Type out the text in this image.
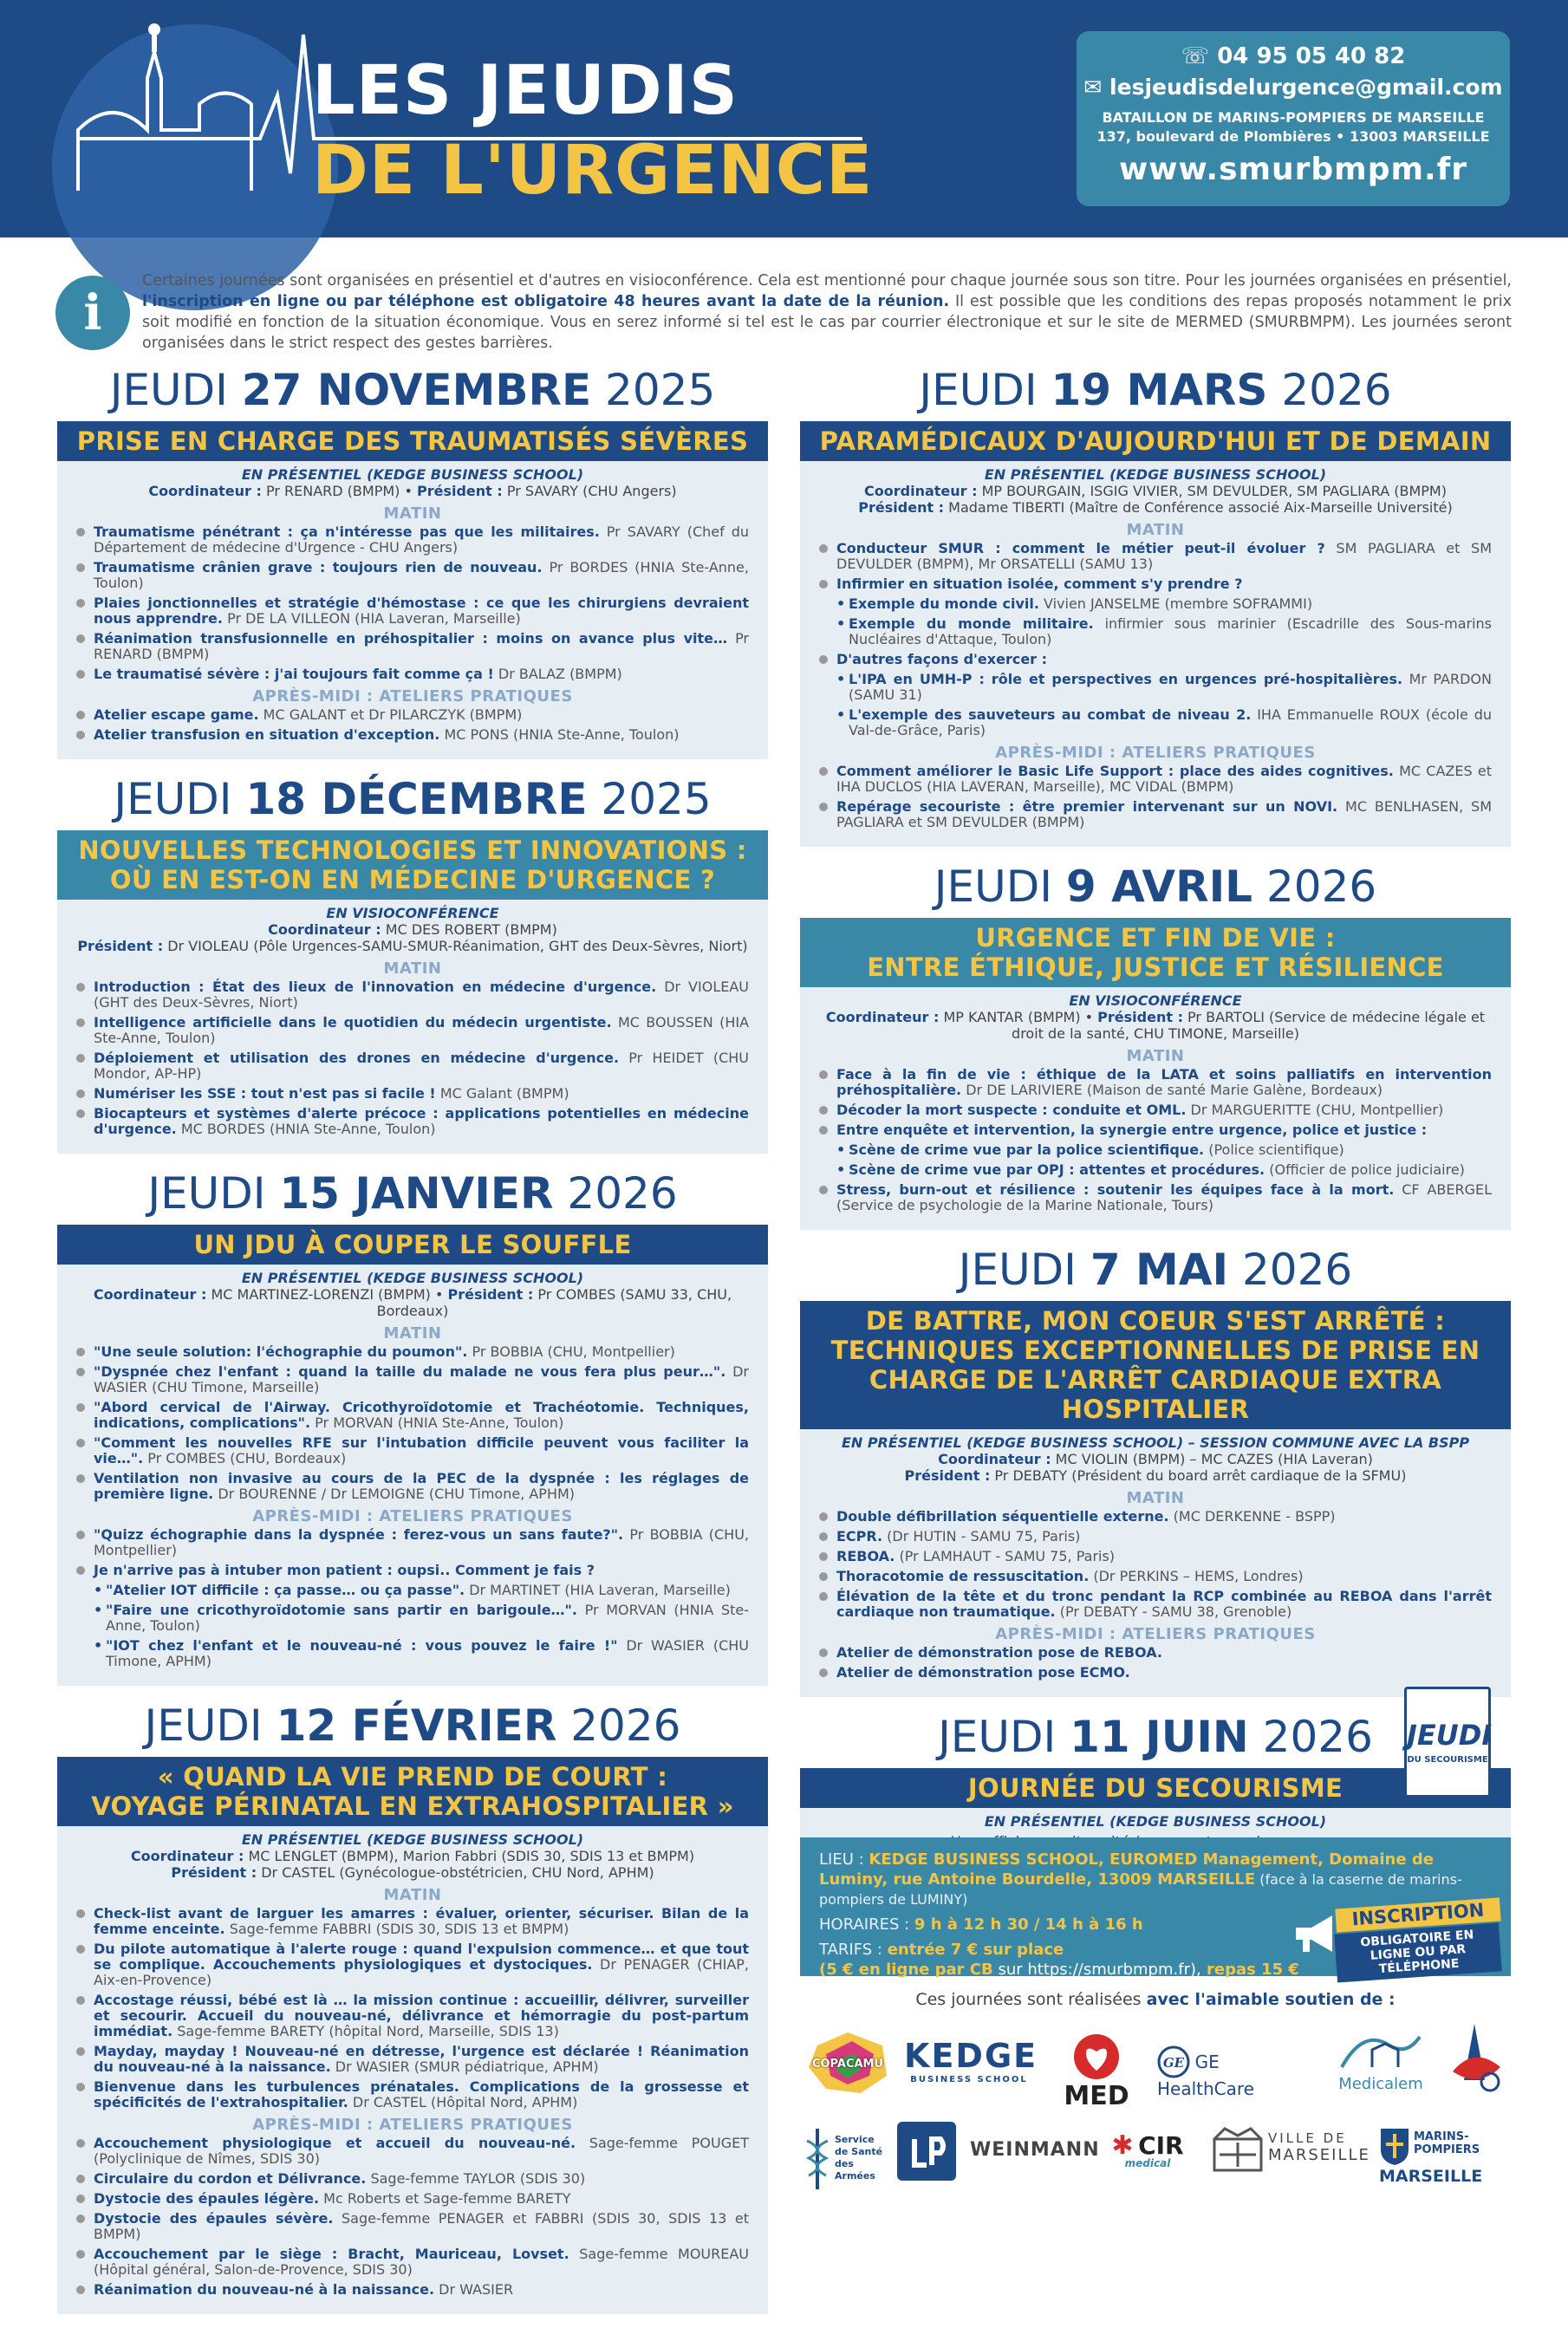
LES JEUDIS
DE L'URGENCE
☏ 04 95 05 40 82
✉ lesjeudisdelurgence@gmail.com
BATAILLON DE MARINS-POMPIERS DE MARSEILLE
137, boulevard de Plombières • 13003 MARSEILLE
www.smurbmpm.fr
i
Certaines journées sont organisées en présentiel et d'autres en visioconférence. Cela est mentionné pour chaque journée sous son titre. Pour les journées organisées en présentiel, l'inscription en ligne ou par téléphone est obligatoire 48 heures avant la date de la réunion. Il est possible que les conditions des repas proposés notamment le prix soit modifié en fonction de la situation économique. Vous en serez informé si tel est le cas par courrier électronique et sur le site de MERMED (SMURBMPM). Les journées seront organisées dans le strict respect des gestes barrières.
JEUDI 27 NOVEMBRE 2025
PRISE EN CHARGE DES TRAUMATISÉS SÉVÈRES
EN PRÉSENTIEL (KEDGE BUSINESS SCHOOL)
Coordinateur : Pr RENARD (BMPM) • Président : Pr SAVARY (CHU Angers)
MATIN
Traumatisme pénétrant : ça n'intéresse pas que les militaires. Pr SAVARY (Chef du Département de médecine d'Urgence - CHU Angers)
Traumatisme crânien grave : toujours rien de nouveau. Pr BORDES (HNIA Ste-Anne, Toulon)
Plaies jonctionnelles et stratégie d'hémostase : ce que les chirurgiens devraient nous apprendre. Pr DE LA VILLEON (HIA Laveran, Marseille)
Réanimation transfusionnelle en préhospitalier : moins on avance plus vite… Pr RENARD (BMPM)
Le traumatisé sévère : j'ai toujours fait comme ça ! Dr BALAZ (BMPM)
APRÈS-MIDI : ATELIERS PRATIQUES
Atelier escape game. MC GALANT et Dr PILARCZYK (BMPM)
Atelier transfusion en situation d'exception. MC PONS (HNIA Ste-Anne, Toulon)
JEUDI 18 DÉCEMBRE 2025
NOUVELLES TECHNOLOGIES ET INNOVATIONS :
OÙ EN EST-ON EN MÉDECINE D'URGENCE ?
EN VISIOCONFÉRENCE
Coordinateur : MC DES ROBERT (BMPM)
Président : Dr VIOLEAU (Pôle Urgences-SAMU-SMUR-Réanimation, GHT des Deux-Sèvres, Niort)
MATIN
Introduction : État des lieux de l'innovation en médecine d'urgence. Dr VIOLEAU (GHT des Deux-Sèvres, Niort)
Intelligence artificielle dans le quotidien du médecin urgentiste. MC BOUSSEN (HIA Ste-Anne, Toulon)
Déploiement et utilisation des drones en médecine d'urgence. Pr HEIDET (CHU Mondor, AP-HP)
Numériser les SSE : tout n'est pas si facile ! MC Galant (BMPM)
Biocapteurs et systèmes d'alerte précoce : applications potentielles en médecine d'urgence. MC BORDES (HNIA Ste-Anne, Toulon)
JEUDI 15 JANVIER 2026
UN JDU À COUPER LE SOUFFLE
EN PRÉSENTIEL (KEDGE BUSINESS SCHOOL)
Coordinateur : MC MARTINEZ-LORENZI (BMPM) • Président : Pr COMBES (SAMU 33, CHU, Bordeaux)
MATIN
"Une seule solution: l'échographie du poumon". Pr BOBBIA (CHU, Montpellier)
"Dyspnée chez l'enfant : quand la taille du malade ne vous fera plus peur…". Dr WASIER (CHU Timone, Marseille)
"Abord cervical de l'Airway. Cricothyroïdotomie et Trachéotomie. Techniques, indications, complications". Pr MORVAN (HNIA Ste-Anne, Toulon)
"Comment les nouvelles RFE sur l'intubation difficile peuvent vous faciliter la vie…". Pr COMBES (CHU, Bordeaux)
Ventilation non invasive au cours de la PEC de la dyspnée : les réglages de première ligne. Dr BOURENNE / Dr LEMOIGNE (CHU Timone, APHM)
APRÈS-MIDI : ATELIERS PRATIQUES
"Quizz échographie dans la dyspnée : ferez-vous un sans faute?". Pr BOBBIA (CHU, Montpellier)
Je n'arrive pas à intuber mon patient : oupsi.. Comment je fais ?
• "Atelier IOT difficile : ça passe… ou ça passe". Dr MARTINET (HIA Laveran, Marseille)
• "Faire une cricothyroïdotomie sans partir en barigoule…". Pr MORVAN (HNIA Ste-Anne, Toulon)
• "IOT chez l'enfant et le nouveau-né : vous pouvez le faire !" Dr WASIER (CHU Timone, APHM)
JEUDI 12 FÉVRIER 2026
« QUAND LA VIE PREND DE COURT :
VOYAGE PÉRINATAL EN EXTRAHOSPITALIER »
EN PRÉSENTIEL (KEDGE BUSINESS SCHOOL)
Coordinateur : MC LENGLET (BMPM), Marion Fabbri (SDIS 30, SDIS 13 et BMPM)
Président : Dr CASTEL (Gynécologue-obstétricien, CHU Nord, APHM)
MATIN
Check-list avant de larguer les amarres : évaluer, orienter, sécuriser. Bilan de la femme enceinte. Sage-femme FABBRI (SDIS 30, SDIS 13 et BMPM)
Du pilote automatique à l'alerte rouge : quand l'expulsion commence… et que tout se complique. Accouchements physiologiques et dystociques. Dr PENAGER (CHIAP, Aix-en-Provence)
Accostage réussi, bébé est là … la mission continue : accueillir, délivrer, surveiller et secourir. Accueil du nouveau-né, délivrance et hémorragie du post-partum immédiat. Sage-femme BARETY (hôpital Nord, Marseille, SDIS 13)
Mayday, mayday ! Nouveau-né en détresse, l'urgence est déclarée ! Réanimation du nouveau-né à la naissance. Dr WASIER (SMUR pédiatrique, APHM)
Bienvenue dans les turbulences prénatales. Complications de la grossesse et spécificités de l'extrahospitalier. Dr CASTEL (Hôpital Nord, APHM)
APRÈS-MIDI : ATELIERS PRATIQUES
Accouchement physiologique et accueil du nouveau-né. Sage-femme POUGET (Polyclinique de Nîmes, SDIS 30)
Circulaire du cordon et Délivrance. Sage-femme TAYLOR (SDIS 30)
Dystocie des épaules légère. Mc Roberts et Sage-femme BARETY
Dystocie des épaules sévère. Sage-femme PENAGER et FABBRI (SDIS 30, SDIS 13 et BMPM)
Accouchement par le siège : Bracht, Mauriceau, Lovset. Sage-femme MOUREAU (Hôpital général, Salon-de-Provence, SDIS 30)
Réanimation du nouveau-né à la naissance. Dr WASIER
JEUDI 19 MARS 2026
PARAMÉDICAUX D'AUJOURD'HUI ET DE DEMAIN
EN PRÉSENTIEL (KEDGE BUSINESS SCHOOL)
Coordinateur : MP BOURGAIN, ISGIG VIVIER, SM DEVULDER, SM PAGLIARA (BMPM)
Président : Madame TIBERTI (Maître de Conférence associé Aix-Marseille Université)
MATIN
Conducteur SMUR : comment le métier peut-il évoluer ? SM PAGLIARA et SM DEVULDER (BMPM), Mr ORSATELLI (SAMU 13)
Infirmier en situation isolée, comment s'y prendre ?
• Exemple du monde civil. Vivien JANSELME (membre SOFRAMMI)
• Exemple du monde militaire. infirmier sous marinier (Escadrille des Sous-marins Nucléaires d'Attaque, Toulon)
D'autres façons d'exercer :
• L'IPA en UMH-P : rôle et perspectives en urgences pré-hospitalières. Mr PARDON (SAMU 31)
• L'exemple des sauveteurs au combat de niveau 2. IHA Emmanuelle ROUX (école du Val-de-Grâce, Paris)
APRÈS-MIDI : ATELIERS PRATIQUES
Comment améliorer le Basic Life Support : place des aides cognitives. MC CAZES et IHA DUCLOS (HIA LAVERAN, Marseille), MC VIDAL (BMPM)
Repérage secouriste : être premier intervenant sur un NOVI. MC BENLHASEN, SM PAGLIARA et SM DEVULDER (BMPM)
JEUDI 9 AVRIL 2026
URGENCE ET FIN DE VIE :
ENTRE ÉTHIQUE, JUSTICE ET RÉSILIENCE
EN VISIOCONFÉRENCE
Coordinateur : MP KANTAR (BMPM) • Président : Pr BARTOLI (Service de médecine légale et droit de la santé, CHU TIMONE, Marseille)
MATIN
Face à la fin de vie : éthique de la LATA et soins palliatifs en intervention préhospitalière. Dr DE LARIVIERE (Maison de santé Marie Galène, Bordeaux)
Décoder la mort suspecte : conduite et OML. Dr MARGUERITTE (CHU, Montpellier)
Entre enquête et intervention, la synergie entre urgence, police et justice :
• Scène de crime vue par la police scientifique. (Police scientifique)
• Scène de crime vue par OPJ : attentes et procédures. (Officier de police judiciaire)
Stress, burn-out et résilience : soutenir les équipes face à la mort. CF ABERGEL (Service de psychologie de la Marine Nationale, Tours)
JEUDI 7 MAI 2026
DE BATTRE, MON COEUR S'EST ARRÊTÉ :
TECHNIQUES EXCEPTIONNELLES DE PRISE EN
CHARGE DE L'ARRÊT CARDIAQUE EXTRA HOSPITALIER
EN PRÉSENTIEL (KEDGE BUSINESS SCHOOL) – SESSION COMMUNE AVEC LA BSPP
Coordinateur : MC VIOLIN (BMPM) – MC CAZES (HIA Laveran)
Président : Pr DEBATY (Président du board arrêt cardiaque de la SFMU)
MATIN
Double défibrillation séquentielle externe. (MC DERKENNE - BSPP)
ECPR. (Dr HUTIN - SAMU 75, Paris)
REBOA. (Pr LAMHAUT - SAMU 75, Paris)
Thoracotomie de ressuscitation. (Dr PERKINS – HEMS, Londres)
Élévation de la tête et du tronc pendant la RCP combinée au REBOA dans l'arrêt cardiaque non traumatique. (Pr DEBATY - SAMU 38, Grenoble)
APRÈS-MIDI : ATELIERS PRATIQUES
Atelier de démonstration pose de REBOA.
Atelier de démonstration pose ECMO.
JEUDI 11 JUIN 2026
JOURNÉE DU SECOURISME
EN PRÉSENTIEL (KEDGE BUSINESS SCHOOL)
JEUDI
DU SECOURISME
LIEU : KEDGE BUSINESS SCHOOL, EUROMED Management, Domaine de Luminy, rue Antoine Bourdelle, 13009 MARSEILLE (face à la caserne de marins-pompiers de LUMINY)
HORAIRES : 9 h à 12 h 30 / 14 h à 16 h
TARIFS : entrée 7 € sur place
(5 € en ligne par CB sur https://smurbmpm.fr), repas 15 €
INSCRIPTION
OBLIGATOIRE EN LIGNE OU PAR TÉLÉPHONE
Ces journées sont réalisées avec l'aimable soutien de :
COPACAMU KEDGE
BUSINESS SCHOOL
MED
GE GE HealthCare	Medicalem
Service
de Santé
des Armées
WEINMANN ✱ CIR
medical
VILLE DE
MARSEILLE
MARINS-POMPIERS
MARSEILLE
